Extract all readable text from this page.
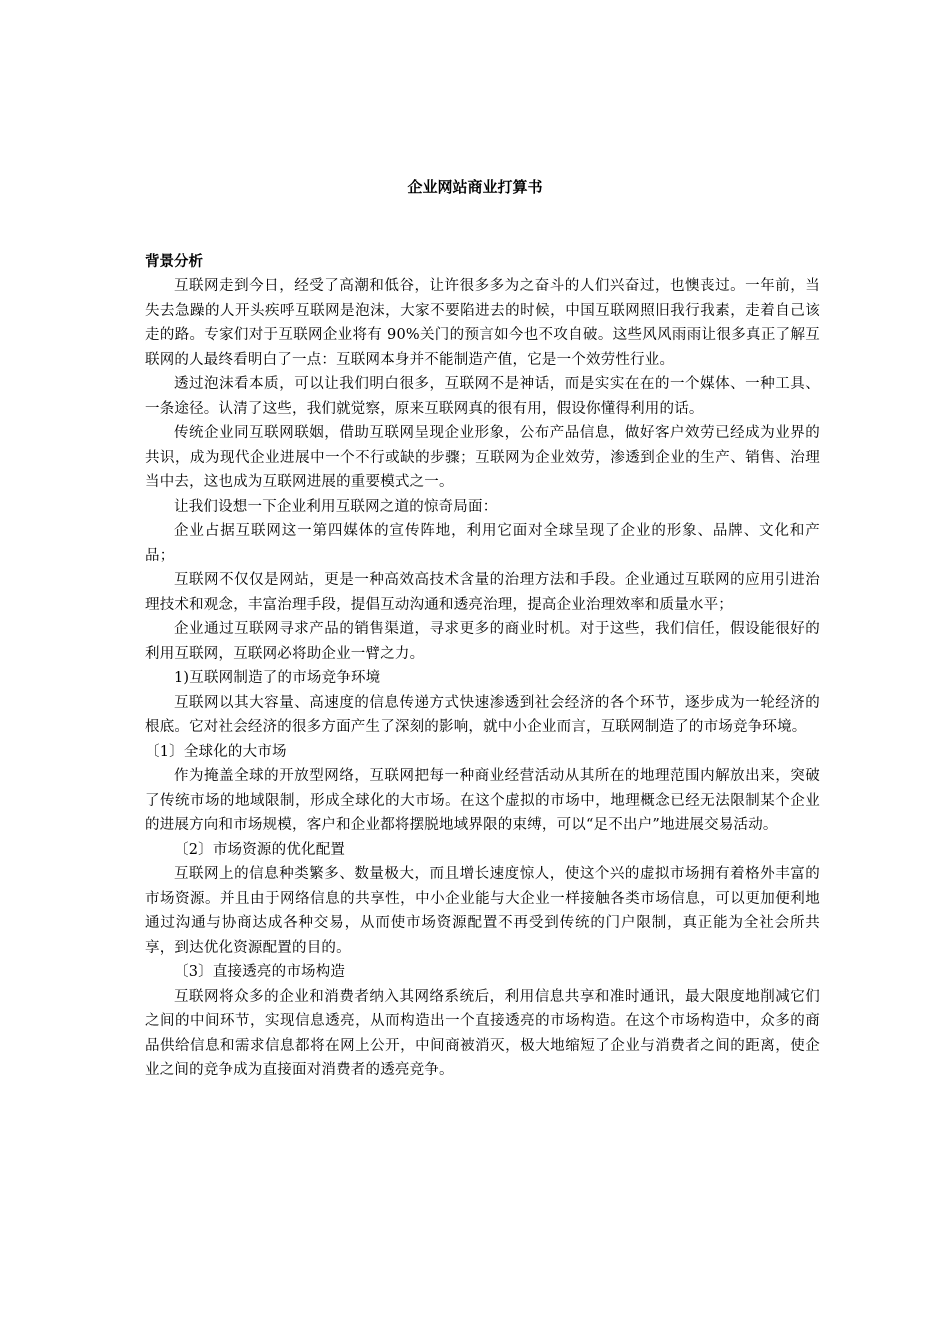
企业网站商业打算书
背景分析

互联网走到今日，经受了高潮和低谷，让许很多多为之奋斗的人们兴奋过，也懊丧过。一年前，当失去急躁的人开头疾呼互联网是泡沫，大家不要陷进去的时候，中国互联网照旧我行我素，走着自己该走的路。专家们对于互联网企业将有 90%关门的预言如今也不攻自破。这些风风雨雨让很多真正了解互联网的人最终看明白了一点：互联网本身并不能制造产值，它是一个效劳性行业。

透过泡沫看本质，可以让我们明白很多，互联网不是神话，而是实实在在的一个媒体、一种工具、一条途径。认清了这些，我们就觉察，原来互联网真的很有用，假设你懂得利用的话。

传统企业同互联网联姻，借助互联网呈现企业形象，公布产品信息，做好客户效劳已经成为业界的共识，成为现代企业进展中一个不行或缺的步骤；互联网为企业效劳，渗透到企业的生产、销售、治理当中去，这也成为互联网进展的重要模式之一。

让我们设想一下企业利用互联网之道的惊奇局面：

企业占据互联网这一第四媒体的宣传阵地，利用它面对全球呈现了企业的形象、品牌、文化和产品；

互联网不仅仅是网站，更是一种高效高技术含量的治理方法和手段。企业通过互联网的应用引进治理技术和观念，丰富治理手段，提倡互动沟通和透亮治理，提高企业治理效率和质量水平；

企业通过互联网寻求产品的销售渠道，寻求更多的商业时机。对于这些，我们信任，假设能很好的利用互联网，互联网必将助企业一臂之力。

1)互联网制造了的市场竞争环境

互联网以其大容量、高速度的信息传递方式快速渗透到社会经济的各个环节，逐步成为一轮经济的根底。它对社会经济的很多方面产生了深刻的影响，就中小企业而言，互联网制造了的市场竞争环境。

〔1〕全球化的大市场

作为掩盖全球的开放型网络，互联网把每一种商业经营活动从其所在的地理范围内解放出来，突破了传统市场的地域限制，形成全球化的大市场。在这个虚拟的市场中，地理概念已经无法限制某个企业的进展方向和市场规模，客户和企业都将摆脱地域界限的束缚，可以“足不出户”地进展交易活动。

〔2〕市场资源的优化配置

互联网上的信息种类繁多、数量极大，而且增长速度惊人，使这个兴的虚拟市场拥有着格外丰富的市场资源。并且由于网络信息的共享性，中小企业能与大企业一样接触各类市场信息，可以更加便利地通过沟通与协商达成各种交易，从而使市场资源配置不再受到传统的门户限制，真正能为全社会所共享，到达优化资源配置的目的。

〔3〕直接透亮的市场构造

互联网将众多的企业和消费者纳入其网络系统后，利用信息共享和准时通讯，最大限度地削减它们之间的中间环节，实现信息透亮，从而构造出一个直接透亮的市场构造。在这个市场构造中，众多的商品供给信息和需求信息都将在网上公开，中间商被消灭，极大地缩短了企业与消费者之间的距离，使企业之间的竞争成为直接面对消费者的透亮竞争。
